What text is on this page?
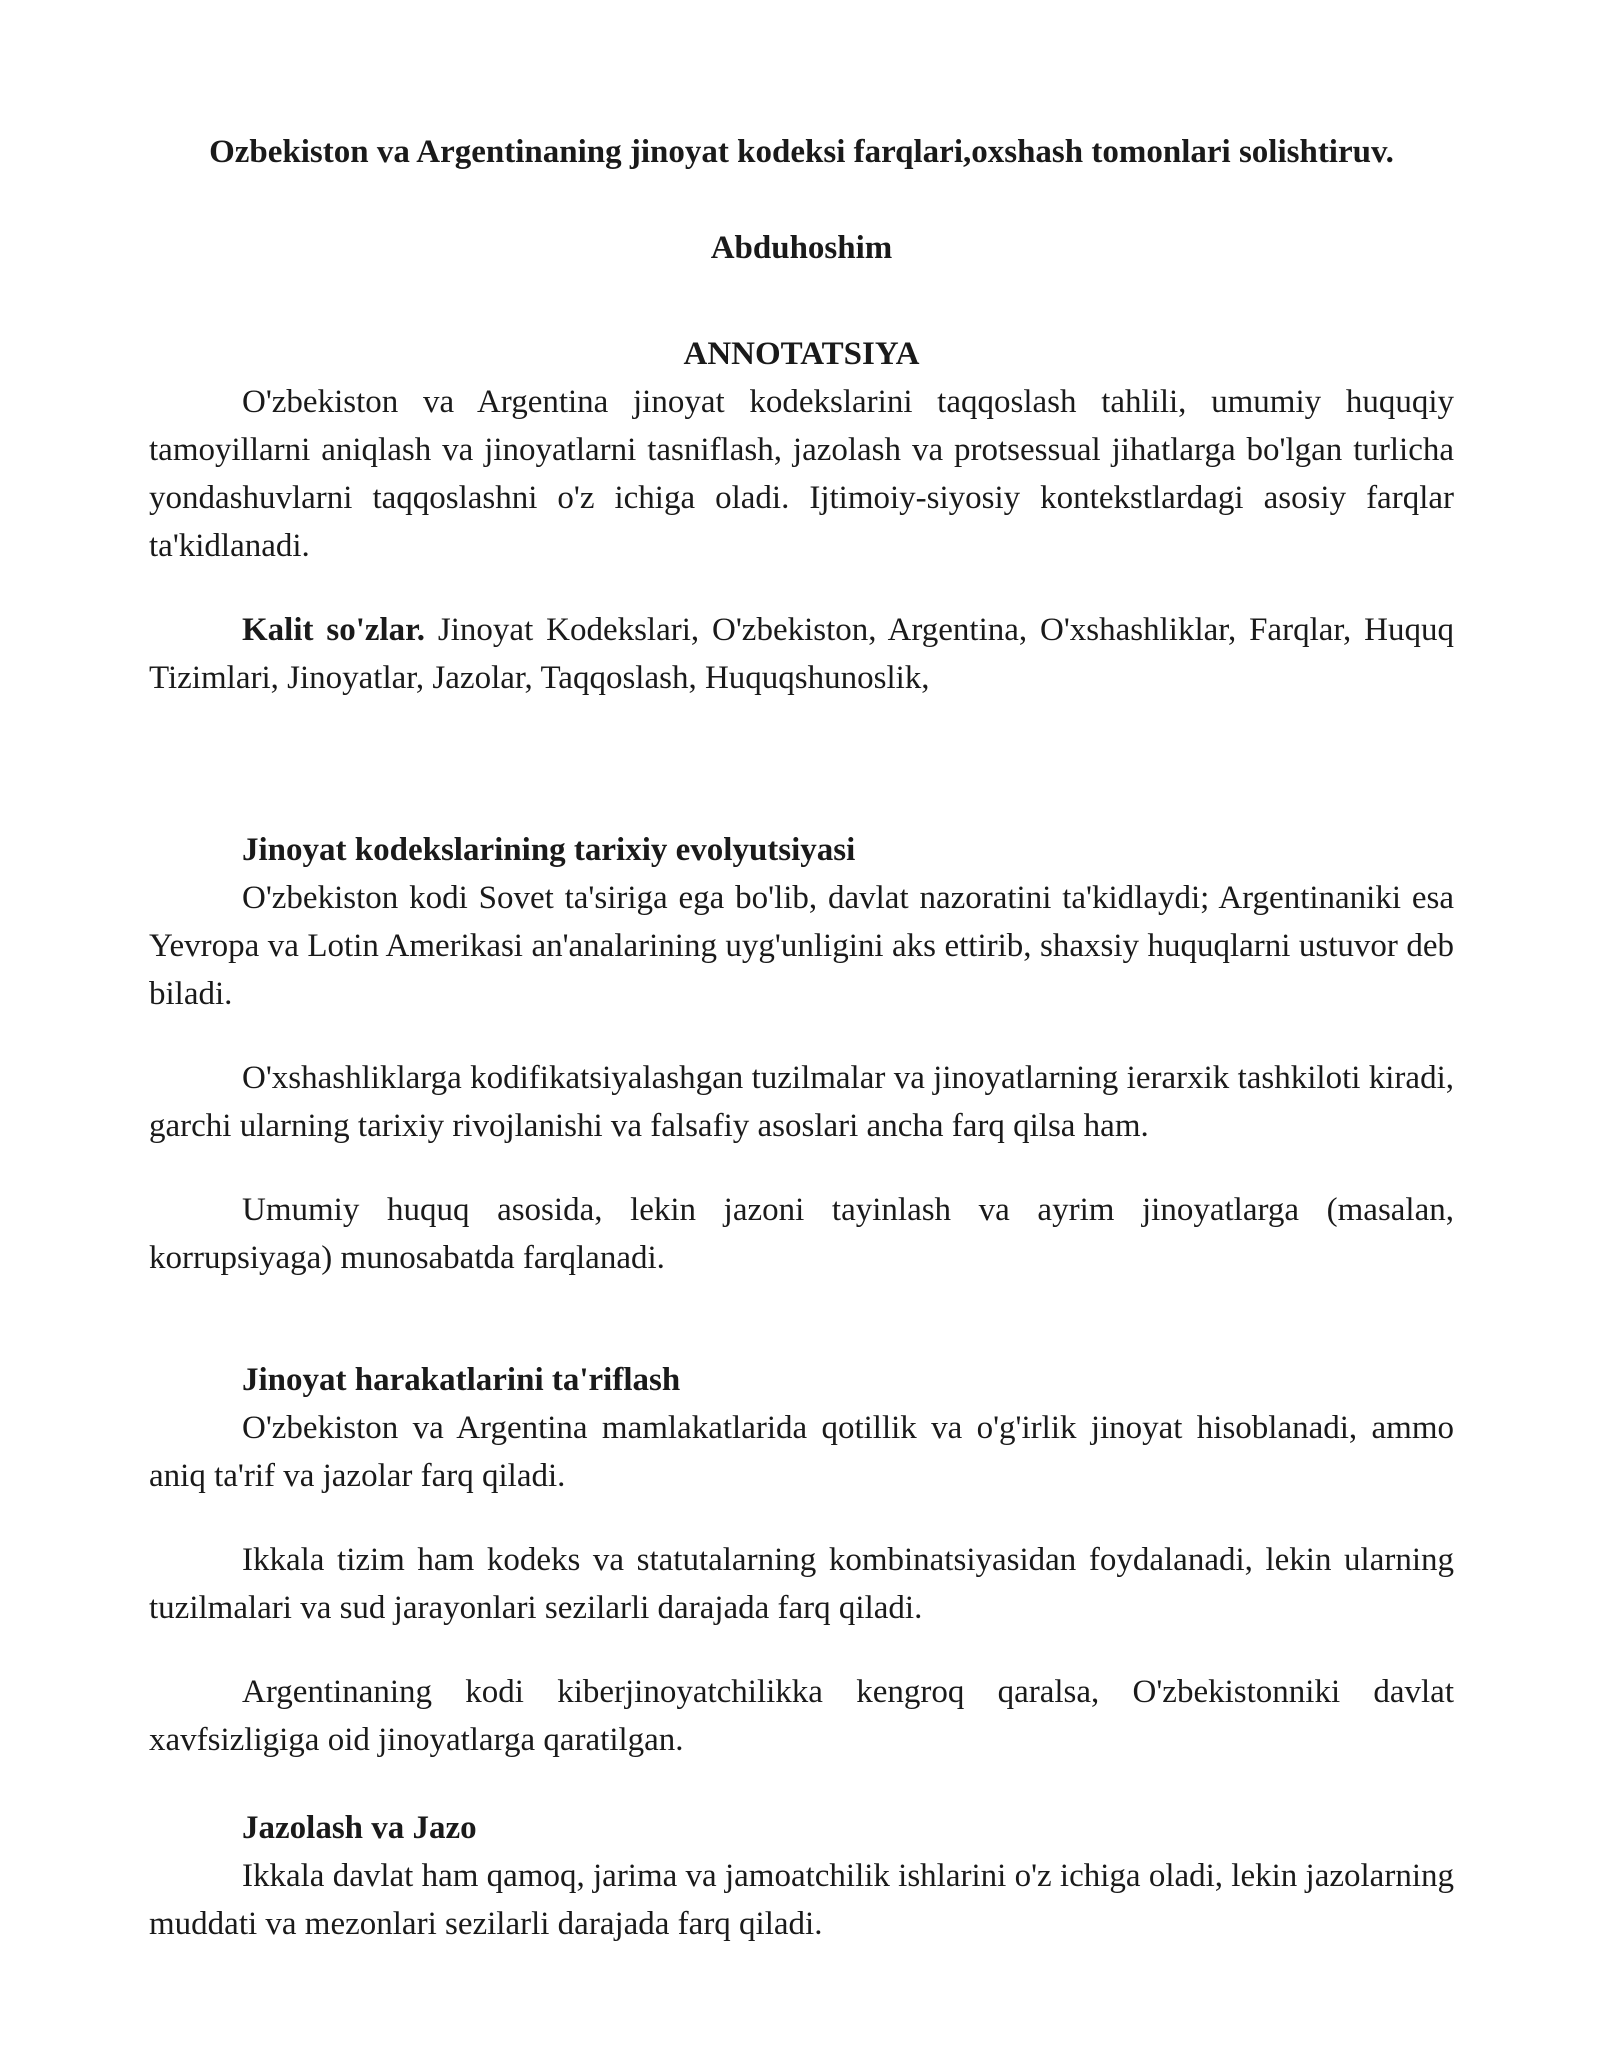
Ozbekiston va Argentinaning jinoyat kodeksi farqlari,oxshash tomonlari solishtiruv.
Abduhoshim
ANNOTATSIYA

O'zbekiston va Argentina jinoyat kodekslarini taqqoslash tahlili, umumiy huquqiy tamoyillarni aniqlash va jinoyatlarni tasniflash, jazolash va protsessual jihatlarga bo'lgan turlicha yondashuvlarni taqqoslashni o'z ichiga oladi. Ijtimoiy-siyosiy kontekstlardagi asosiy farqlar ta'kidlanadi.

Kalit so'zlar. Jinoyat Kodekslari, O'zbekiston, Argentina, O'xshashliklar, Farqlar, Huquq Tizimlari, Jinoyatlar, Jazolar, Taqqoslash, Huquqshunoslik,

Jinoyat kodekslarining tarixiy evolyutsiyasi

O'zbekiston kodi Sovet ta'siriga ega bo'lib, davlat nazoratini ta'kidlaydi; Argentinaniki esa Yevropa va Lotin Amerikasi an'analarining uyg'unligini aks ettirib, shaxsiy huquqlarni ustuvor deb biladi.

O'xshashliklarga kodifikatsiyalashgan tuzilmalar va jinoyatlarning ierarxik tashkiloti kiradi, garchi ularning tarixiy rivojlanishi va falsafiy asoslari ancha farq qilsa ham.

Umumiy huquq asosida, lekin jazoni tayinlash va ayrim jinoyatlarga (masalan, korrupsiyaga) munosabatda farqlanadi.

Jinoyat harakatlarini ta'riflash

O'zbekiston va Argentina mamlakatlarida qotillik va o'g'irlik jinoyat hisoblanadi, ammo aniq ta'rif va jazolar farq qiladi.

Ikkala tizim ham kodeks va statutalarning kombinatsiyasidan foydalanadi, lekin ularning tuzilmalari va sud jarayonlari sezilarli darajada farq qiladi.

Argentinaning kodi kiberjinoyatchilikka kengroq qaralsa, O'zbekistonniki davlat xavfsizligiga oid jinoyatlarga qaratilgan.

Jazolash va Jazo

Ikkala davlat ham qamoq, jarima va jamoatchilik ishlarini o'z ichiga oladi, lekin jazolarning muddati va mezonlari sezilarli darajada farq qiladi.
